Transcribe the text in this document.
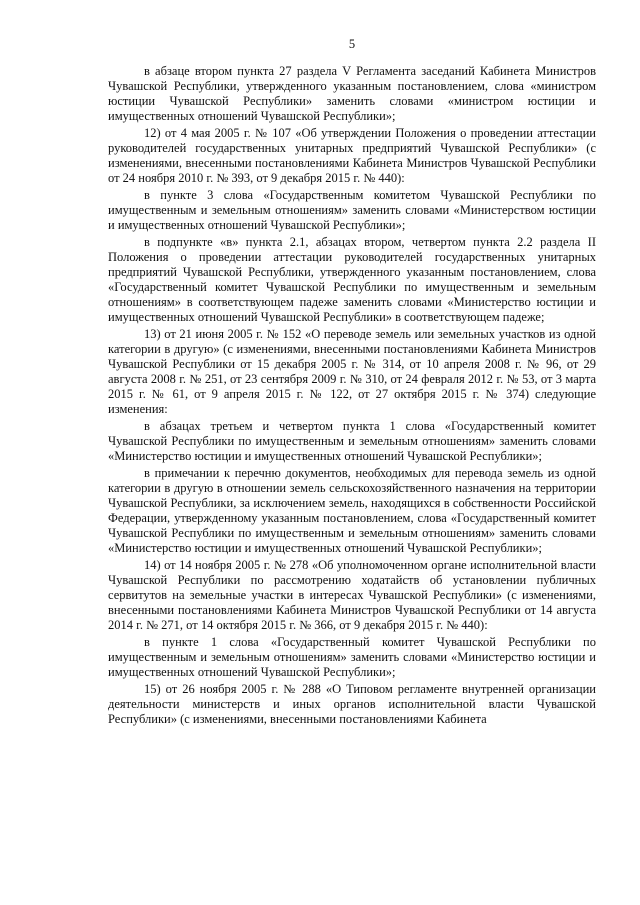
5

в абзаце втором пункта 27 раздела V Регламента заседаний Кабинета Министров Чувашской Республики, утвержденного указанным постановлением, слова «министром юстиции Чувашской Республики» заменить словами «министром юстиции и имущественных отношений Чувашской Республики»;

12) от 4 мая 2005 г. № 107 «Об утверждении Положения о проведении аттестации руководителей государственных унитарных предприятий Чувашской Республики» (с изменениями, внесенными постановлениями Кабинета Министров Чувашской Республики от 24 ноября 2010 г. № 393, от 9 декабря 2015 г. № 440):

в пункте 3 слова «Государственным комитетом Чувашской Республики по имущественным и земельным отношениям» заменить словами «Министерством юстиции и имущественных отношений Чувашской Республики»;

в подпункте «в» пункта 2.1, абзацах втором, четвертом пункта 2.2 раздела II Положения о проведении аттестации руководителей государственных унитарных предприятий Чувашской Республики, утвержденного указанным постановлением, слова «Государственный комитет Чувашской Республики по имущественным и земельным отношениям» в соответствующем падеже заменить словами «Министерство юстиции и имущественных отношений Чувашской Республики» в соответствующем падеже;

13) от 21 июня 2005 г. № 152 «О переводе земель или земельных участков из одной категории в другую» (с изменениями, внесенными постановлениями Кабинета Министров Чувашской Республики от 15 декабря 2005 г. № 314, от 10 апреля 2008 г. № 96, от 29 августа 2008 г. № 251, от 23 сентября 2009 г. № 310, от 24 февраля 2012 г. № 53, от 3 марта 2015 г. № 61, от 9 апреля 2015 г. № 122, от 27 октября 2015 г. № 374) следующие изменения:

в абзацах третьем и четвертом пункта 1 слова «Государственный комитет Чувашской Республики по имущественным и земельным отношениям» заменить словами «Министерство юстиции и имущественных отношений Чувашской Республики»;

в примечании к перечню документов, необходимых для перевода земель из одной категории в другую в отношении земель сельскохозяйственного назначения на территории Чувашской Республики, за исключением земель, находящихся в собственности Российской Федерации, утвержденному указанным постановлением, слова «Государственный комитет Чувашской Республики по имущественным и земельным отношениям» заменить словами «Министерство юстиции и имущественных отношений Чувашской Республики»;

14) от 14 ноября 2005 г. № 278 «Об уполномоченном органе исполнительной власти Чувашской Республики по рассмотрению ходатайств об установлении публичных сервитутов на земельные участки в интересах Чувашской Республики» (с изменениями, внесенными постановлениями Кабинета Министров Чувашской Республики от 14 августа 2014 г. № 271, от 14 октября 2015 г. № 366, от 9 декабря 2015 г. № 440):

в пункте 1 слова «Государственный комитет Чувашской Республики по имущественным и земельным отношениям» заменить словами «Министерство юстиции и имущественных отношений Чувашской Республики»;

15) от 26 ноября 2005 г. № 288 «О Типовом регламенте внутренней организации деятельности министерств и иных органов исполнительной власти Чувашской Республики» (с изменениями, внесенными постановлениями Кабинета
